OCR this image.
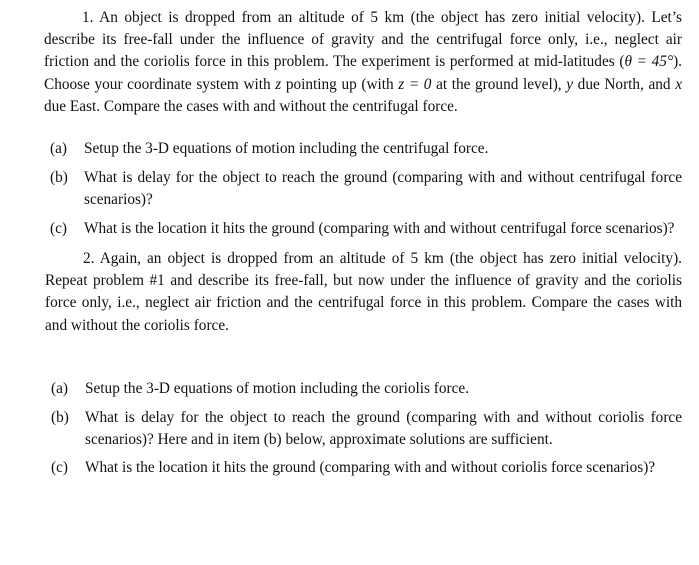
1. An object is dropped from an altitude of 5 km (the object has zero initial velocity). Let’s describe its free-fall under the influence of gravity and the centrifugal force only, i.e., neglect air friction and the coriolis force in this problem. The experiment is performed at mid-latitudes (θ = 45°). Choose your coordinate system with z pointing up (with z = 0 at the ground level), y due North, and x due East. Compare the cases with and without the centrifugal force.
(a) Setup the 3-D equations of motion including the centrifugal force.
(b) What is delay for the object to reach the ground (comparing with and without centrifugal force scenarios)?
(c) What is the location it hits the ground (comparing with and without centrifugal force scenarios)?
2. Again, an object is dropped from an altitude of 5 km (the object has zero initial velocity). Repeat problem #1 and describe its free-fall, but now under the influence of gravity and the coriolis force only, i.e., neglect air friction and the centrifugal force in this problem. Compare the cases with and without the coriolis force.
(a) Setup the 3-D equations of motion including the coriolis force.
(b) What is delay for the object to reach the ground (comparing with and without coriolis force scenarios)? Here and in item (b) below, approximate solutions are sufficient.
(c) What is the location it hits the ground (comparing with and without coriolis force scenarios)?
